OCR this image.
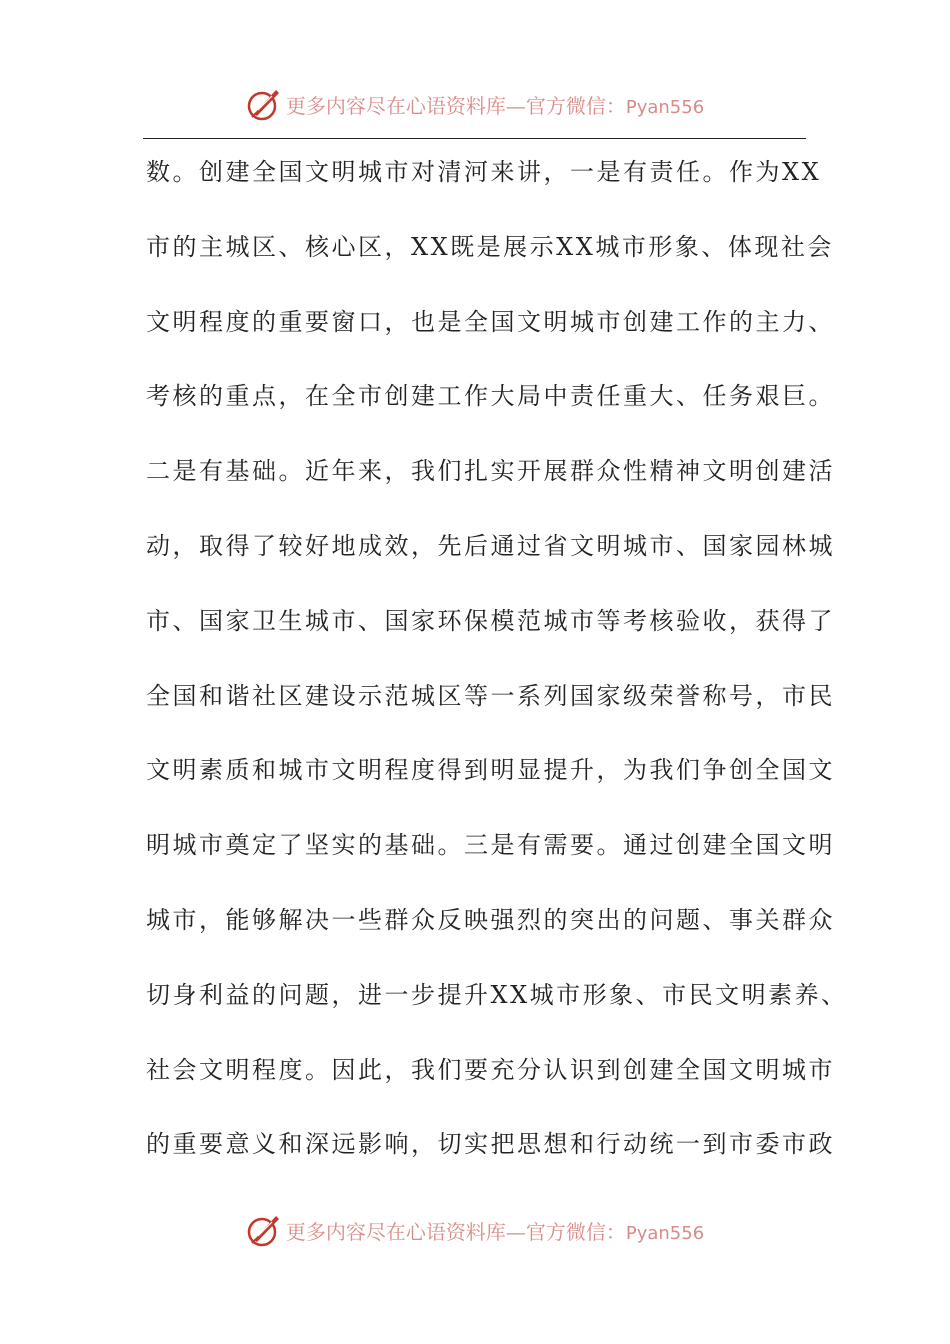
更多内容尽在心语资料库—官方微信：Pyan556
数。创建全国文明城市对清河来讲，一是有责任。作为XX
市的主城区、核心区，XX既是展示XX城市形象、体现社会
文明程度的重要窗口，也是全国文明城市创建工作的主力、
考核的重点，在全市创建工作大局中责任重大、任务艰巨。
二是有基础。近年来，我们扎实开展群众性精神文明创建活
动，取得了较好地成效，先后通过省文明城市、国家园林城
市、国家卫生城市、国家环保模范城市等考核验收，获得了
全国和谐社区建设示范城区等一系列国家级荣誉称号，市民
文明素质和城市文明程度得到明显提升，为我们争创全国文
明城市奠定了坚实的基础。三是有需要。通过创建全国文明
城市，能够解决一些群众反映强烈的突出的问题、事关群众
切身利益的问题，进一步提升XX城市形象、市民文明素养、
社会文明程度。因此，我们要充分认识到创建全国文明城市
的重要意义和深远影响，切实把思想和行动统一到市委市政
更多内容尽在心语资料库—官方微信：Pyan556
